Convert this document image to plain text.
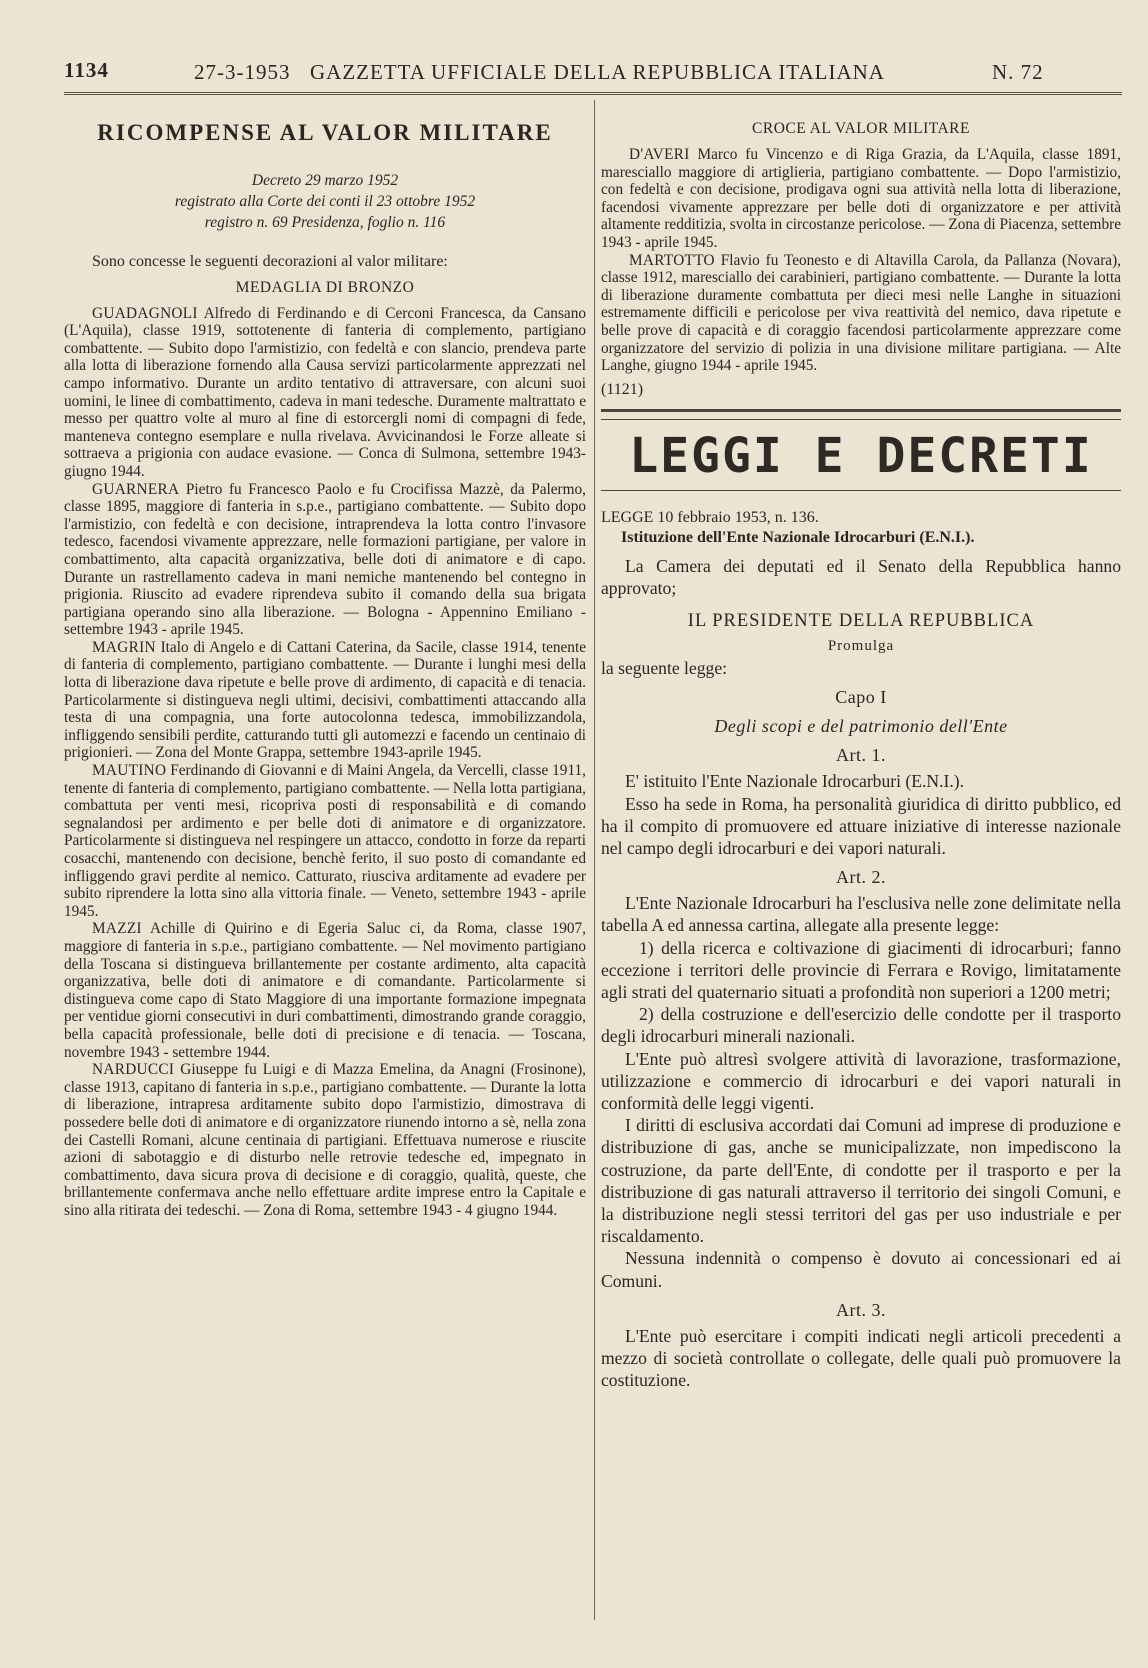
1134	27-3-1953 GAZZETTA UFFICIALE DELLA REPUBBLICA ITALIANA	N. 72
RICOMPENSE AL VALOR MILITARE
Decreto 29 marzo 1952
registrato alla Corte dei conti il 23 ottobre 1952
registro n. 69 Presidenza, foglio n. 116

Sono concesse le seguenti decorazioni al valor militare:

MEDAGLIA DI BRONZO

GUADAGNOLI Alfredo di Ferdinando e di Cerconi Francesca, da Cansano (L'Aquila), classe 1919, sottotenente di fanteria di complemento, partigiano combattente. — Subito dopo l'armistizio, con fedeltà e con slancio, prendeva parte alla lotta di liberazione fornendo alla Causa servizi particolarmente apprezzati nel campo informativo. Durante un ardito tentativo di attraversare, con alcuni suoi uomini, le linee di combattimento, cadeva in mani tedesche. Duramente maltrattato e messo per quattro volte al muro al fine di estorcergli nomi di compagni di fede, manteneva contegno esemplare e nulla rivelava. Avvicinandosi le Forze alleate si sottraeva a prigionia con audace evasione. — Conca di Sulmona, settembre 1943-giugno 1944.

GUARNERA Pietro fu Francesco Paolo e fu Crocifissa Mazzè, da Palermo, classe 1895, maggiore di fanteria in s.p.e., partigiano combattente. — Subito dopo l'armistizio, con fedeltà e con decisione, intraprendeva la lotta contro l'invasore tedesco, facendosi vivamente apprezzare, nelle formazioni partigiane, per valore in combattimento, alta capacità organizzativa, belle doti di animatore e di capo. Durante un rastrellamento cadeva in mani nemiche mantenendo bel contegno in prigionia. Riuscito ad evadere riprendeva subito il comando della sua brigata partigiana operando sino alla liberazione. — Bologna - Appennino Emiliano - settembre 1943 - aprile 1945.

MAGRIN Italo di Angelo e di Cattani Caterina, da Sacile, classe 1914, tenente di fanteria di complemento, partigiano combattente. — Durante i lunghi mesi della lotta di liberazione dava ripetute e belle prove di ardimento, di capacità e di tenacia. Particolarmente si distingueva negli ultimi, decisivi, combattimenti attaccando alla testa di una compagnia, una forte autocolonna tedesca, immobilizzandola, infliggendo sensibili perdite, catturando tutti gli automezzi e facendo un centinaio di prigionieri. — Zona del Monte Grappa, settembre 1943-aprile 1945.

MAUTINO Ferdinando di Giovanni e di Maini Angela, da Vercelli, classe 1911, tenente di fanteria di complemento, partigiano combattente. — Nella lotta partigiana, combattuta per venti mesi, ricopriva posti di responsabilità e di comando segnalandosi per ardimento e per belle doti di animatore e di organizzatore. Particolarmente si distingueva nel respingere un attacco, condotto in forze da reparti cosacchi, mantenendo con decisione, benchè ferito, il suo posto di comandante ed infliggendo gravi perdite al nemico. Catturato, riusciva arditamente ad evadere per subito riprendere la lotta sino alla vittoria finale. — Veneto, settembre 1943 - aprile 1945.

MAZZI Achille di Quirino e di Egeria Saluc ci, da Roma, classe 1907, maggiore di fanteria in s.p.e., partigiano combattente. — Nel movimento partigiano della Toscana si distingueva brillantemente per costante ardimento, alta capacità organizzativa, belle doti di animatore e di comandante. Particolarmente si distingueva come capo di Stato Maggiore di una importante formazione impegnata per ventidue giorni consecutivi in duri combattimenti, dimostrando grande coraggio, bella capacità professionale, belle doti di precisione e di tenacia. — Toscana, novembre 1943 - settembre 1944.

NARDUCCI Giuseppe fu Luigi e di Mazza Emelina, da Anagni (Frosinone), classe 1913, capitano di fanteria in s.p.e., partigiano combattente. — Durante la lotta di liberazione, intrapresa arditamente subito dopo l'armistizio, dimostrava di possedere belle doti di animatore e di organizzatore riunendo intorno a sè, nella zona dei Castelli Romani, alcune centinaia di partigiani. Effettuava numerose e riuscite azioni di sabotaggio e di disturbo nelle retrovie tedesche ed, impegnato in combattimento, dava sicura prova di decisione e di coraggio, qualità, queste, che brillantemente confermava anche nello effettuare ardite imprese entro la Capitale e sino alla ritirata dei tedeschi. — Zona di Roma, settembre 1943 - 4 giugno 1944.

CROCE AL VALOR MILITARE

D'AVERI Marco fu Vincenzo e di Riga Grazia, da L'Aquila, classe 1891, maresciallo maggiore di artiglieria, partigiano combattente. — Dopo l'armistizio, con fedeltà e con decisione, prodigava ogni sua attività nella lotta di liberazione, facendosi vivamente apprezzare per belle doti di organizzatore e per attività altamente redditizia, svolta in circostanze pericolose. — Zona di Piacenza, settembre 1943 - aprile 1945.

MARTOTTO Flavio fu Teonesto e di Altavilla Carola, da Pallanza (Novara), classe 1912, maresciallo dei carabinieri, partigiano combattente. — Durante la lotta di liberazione duramente combattuta per dieci mesi nelle Langhe in situazioni estremamente difficili e pericolose per viva reattività del nemico, dava ripetute e belle prove di capacità e di coraggio facendosi particolarmente apprezzare come organizzatore del servizio di polizia in una divisione militare partigiana. — Alte Langhe, giugno 1944 - aprile 1945.

(1121)
LEGGI E DECRETI
LEGGE 10 febbraio 1953, n. 136.
Istituzione dell'Ente Nazionale Idrocarburi (E.N.I.).

La Camera dei deputati ed il Senato della Repubblica hanno approvato;

IL PRESIDENTE DELLA REPUBBLICA
Promulga

la seguente legge:

Capo I
Degli scopi e del patrimonio dell'Ente
Art. 1.

E' istituito l'Ente Nazionale Idrocarburi (E.N.I.).

Esso ha sede in Roma, ha personalità giuridica di diritto pubblico, ed ha il compito di promuovere ed attuare iniziative di interesse nazionale nel campo degli idrocarburi e dei vapori naturali.

Art. 2.

L'Ente Nazionale Idrocarburi ha l'esclusiva nelle zone delimitate nella tabella A ed annessa cartina, allegate alla presente legge:

1) della ricerca e coltivazione di giacimenti di idrocarburi; fanno eccezione i territori delle provincie di Ferrara e Rovigo, limitatamente agli strati del quaternario situati a profondità non superiori a 1200 metri;

2) della costruzione e dell'esercizio delle condotte per il trasporto degli idrocarburi minerali nazionali.

L'Ente può altresì svolgere attività di lavorazione, trasformazione, utilizzazione e commercio di idrocarburi e dei vapori naturali in conformità delle leggi vigenti.

I diritti di esclusiva accordati dai Comuni ad imprese di produzione e distribuzione di gas, anche se municipalizzate, non impediscono la costruzione, da parte dell'Ente, di condotte per il trasporto e per la distribuzione di gas naturali attraverso il territorio dei singoli Comuni, e la distribuzione negli stessi territori del gas per uso industriale e per riscaldamento.

Nessuna indennità o compenso è dovuto ai concessionari ed ai Comuni.

Art. 3.

L'Ente può esercitare i compiti indicati negli articoli precedenti a mezzo di società controllate o collegate, delle quali può promuovere la costituzione.
